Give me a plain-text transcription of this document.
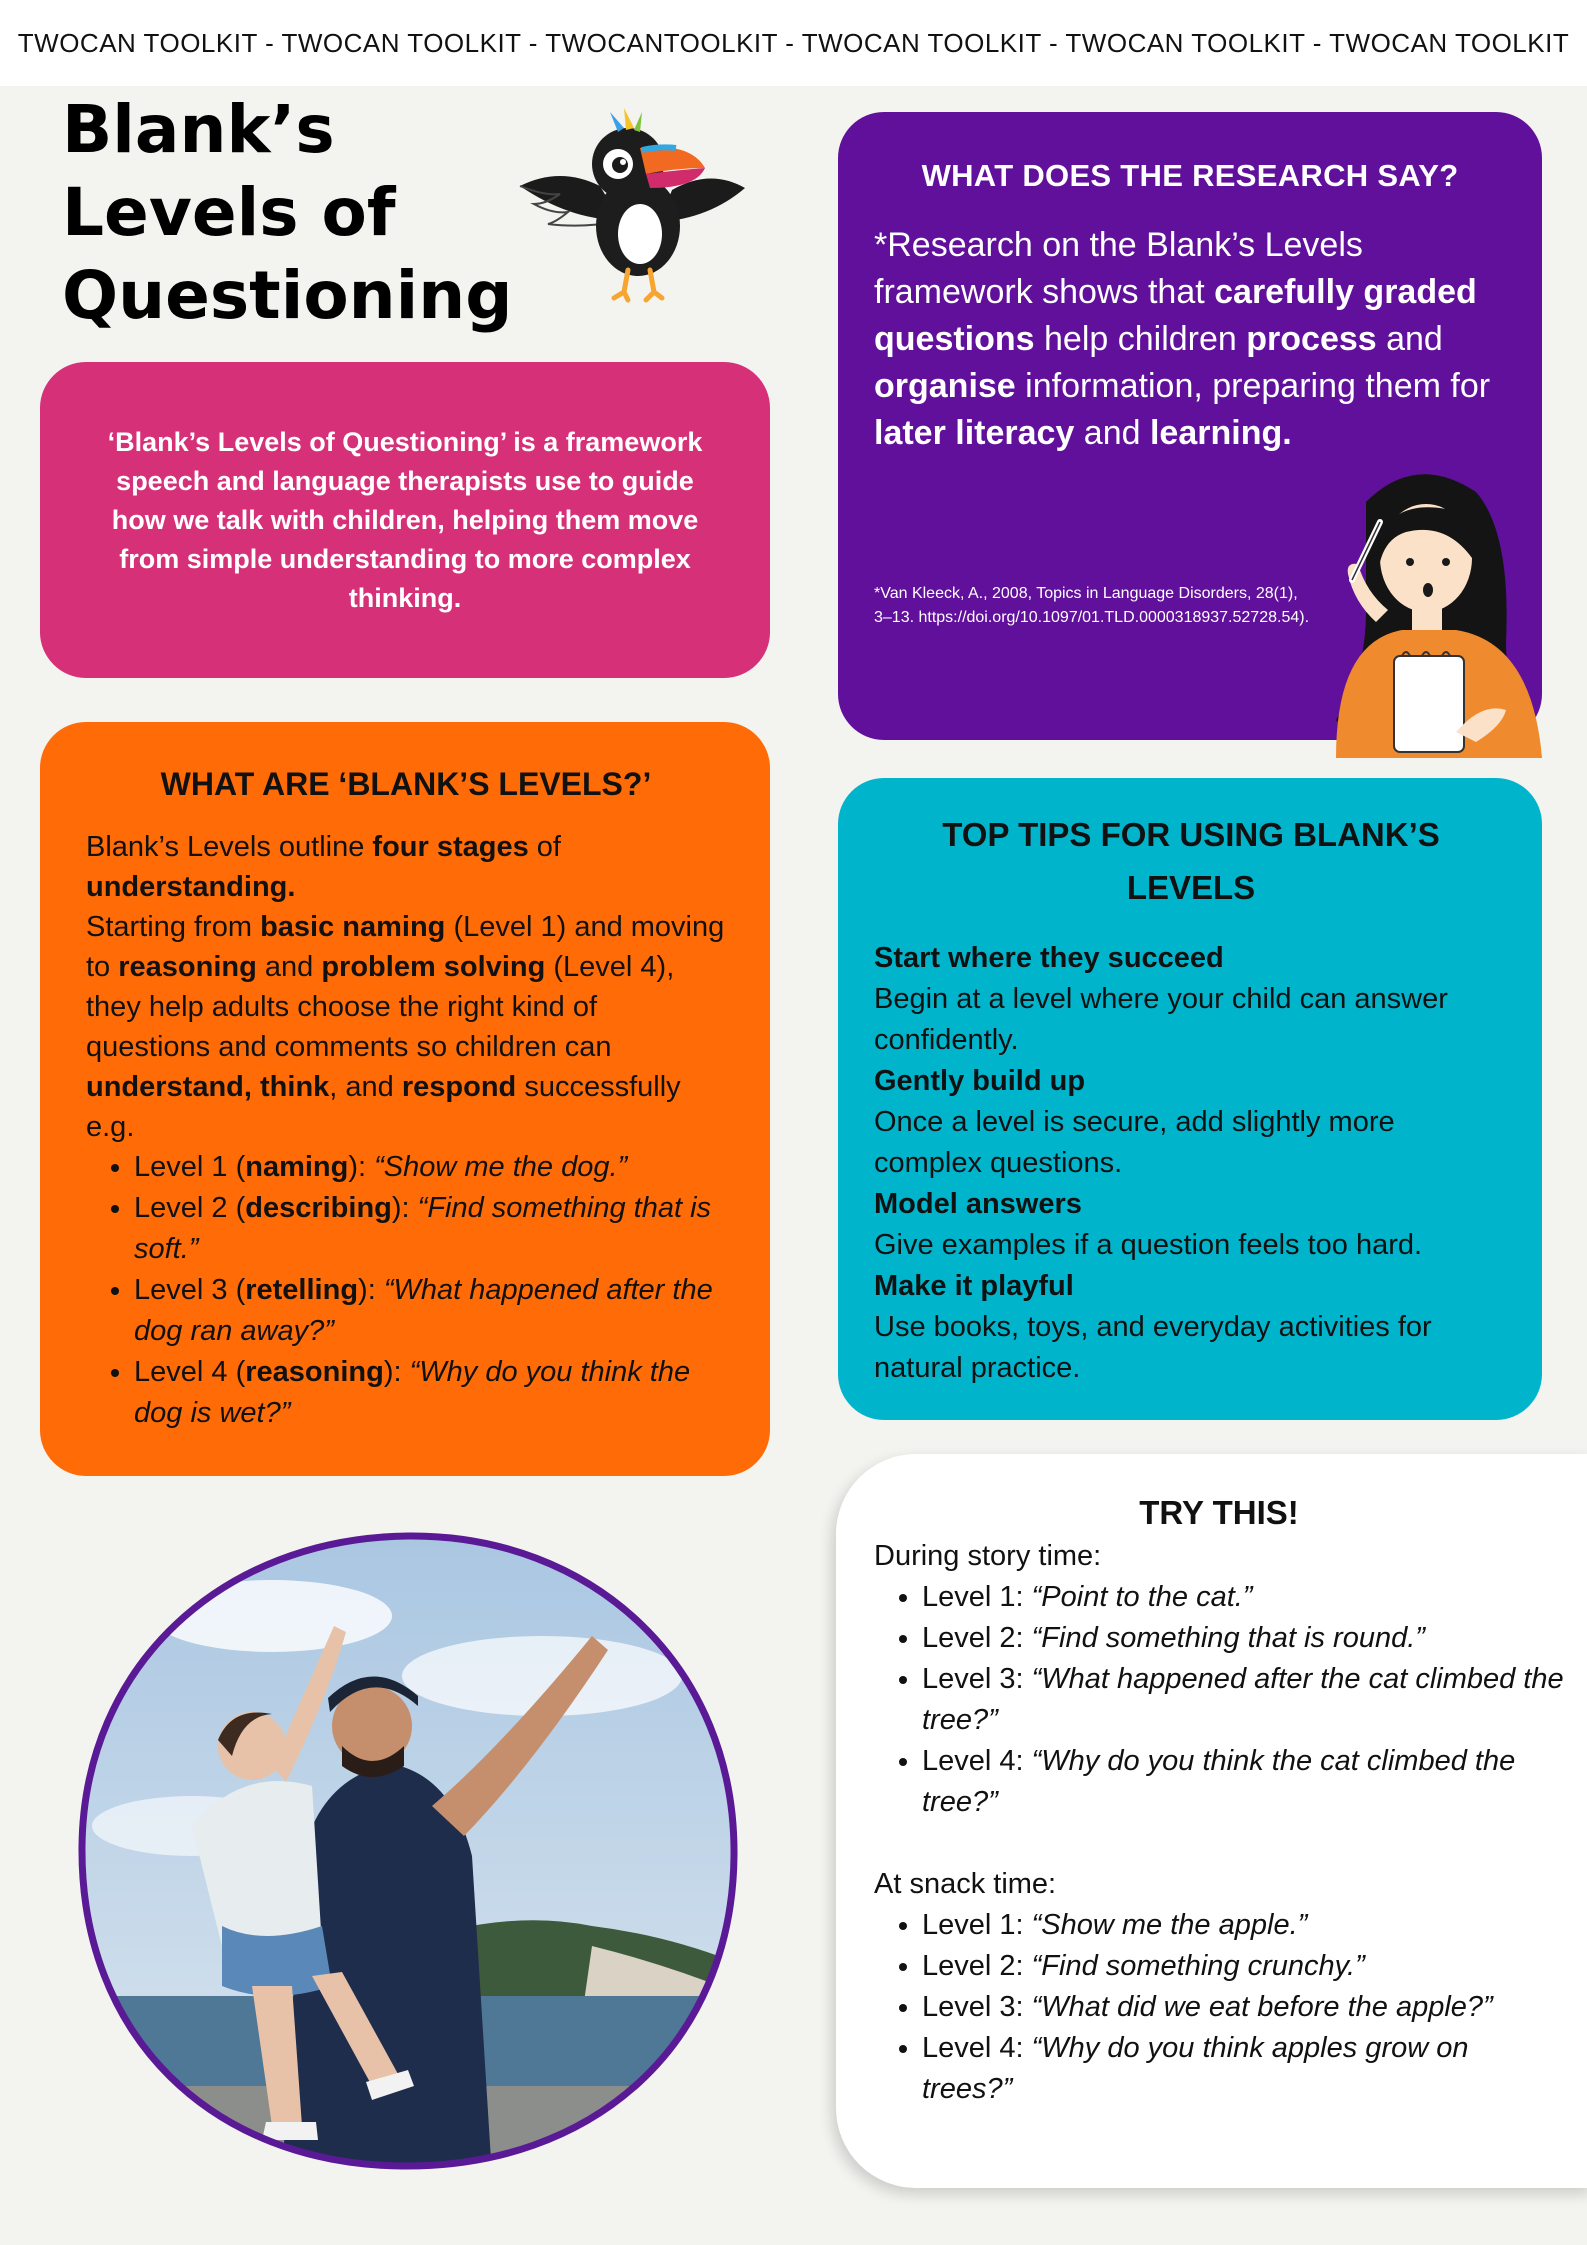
TWOCAN TOOLKIT - TWOCAN TOOLKIT - TWOCANTOOLKIT - TWOCAN TOOLKIT - TWOCAN TOOLKIT - TWOCAN TOOLKIT
Blank’s
Levels of
Questioning
‘Blank’s Levels of Questioning’ is a framework speech and language therapists use to guide how we talk with children, helping them move from simple understanding to more complex thinking.
WHAT DOES THE RESEARCH SAY?

*Research on the Blank’s Levels framework shows that carefully graded questions help children process and organise information, preparing them for later literacy and learning.

*Van Kleeck, A., 2008, Topics in Language Disorders, 28(1), 3–13. https://doi.org/10.1097/01.TLD.0000318937.52728.54).

WHAT ARE ‘BLANK’S LEVELS?’

Blank’s Levels outline four stages of
understanding.
Starting from basic naming (Level 1) and moving to reasoning and problem solving (Level 4), they help adults choose the right kind of questions and comments so children can understand, think, and respond successfully e.g.

• Level 1 (naming): “Show me the dog.”
• Level 2 (describing): “Find something that is soft.”
• Level 3 (retelling): “What happened after the dog ran away?”
• Level 4 (reasoning): “Why do you think the dog is wet?”
TOP TIPS FOR USING BLANK’S LEVELS
Start where they succeed
Begin at a level where your child can answer confidently.
Gently build up
Once a level is secure, add slightly more complex questions.
Model answers
Give examples if a question feels too hard.
Make it playful
Use books, toys, and everyday activities for natural practice.
TRY THIS!

During story time:

• Level 1: “Point to the cat.”
• Level 2: “Find something that is round.”
• Level 3: “What happened after the cat climbed the tree?”
• Level 4: “Why do you think the cat climbed the tree?”

At snack time:

• Level 1: “Show me the apple.”
• Level 2: “Find something crunchy.”
• Level 3: “What did we eat before the apple?”
• Level 4: “Why do you think apples grow on trees?”
